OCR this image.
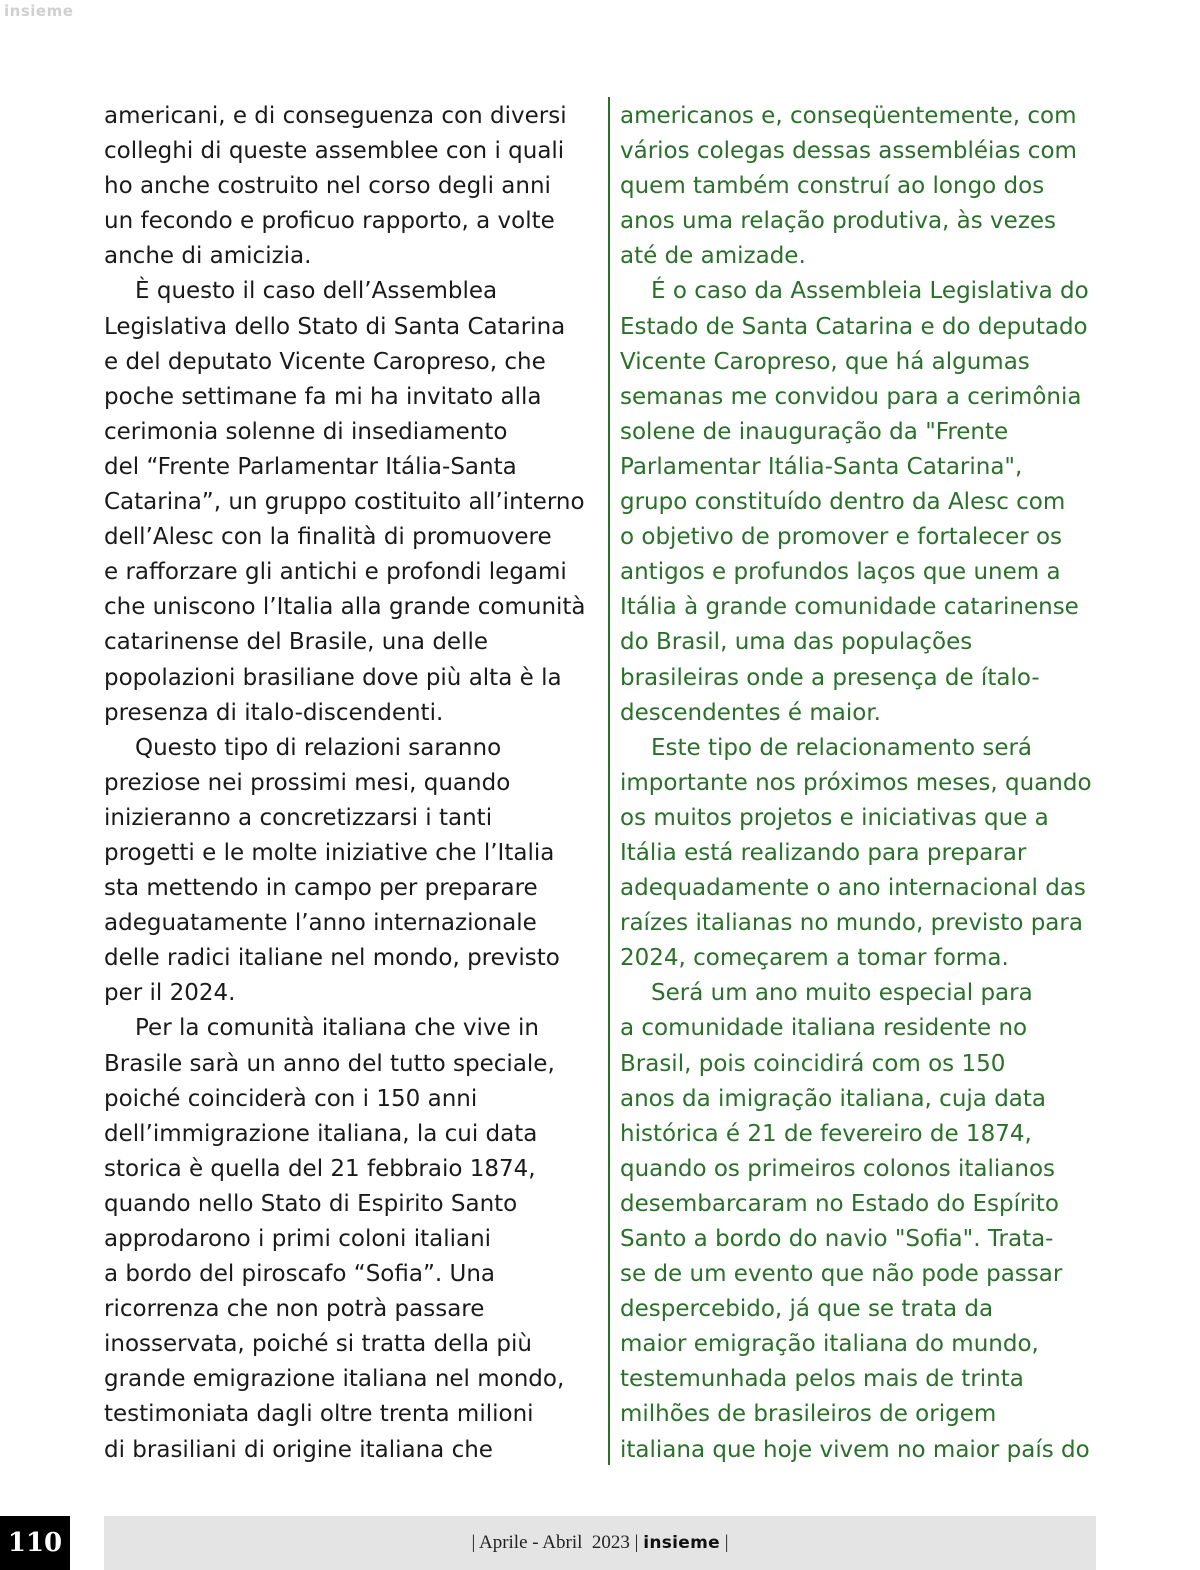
insieme
americani, e di conseguenza con diversi
colleghi di queste assemblee con i quali
ho anche costruito nel corso degli anni
un fecondo e proficuo rapporto, a volte
anche di amicizia.
È questo il caso dell’Assemblea
Legislativa dello Stato di Santa Catarina
e del deputato Vicente Caropreso, che
poche settimane fa mi ha invitato alla
cerimonia solenne di insediamento
del “Frente Parlamentar Itália-Santa
Catarina”, un gruppo costituito all’interno
dell’Alesc con la finalità di promuovere
e rafforzare gli antichi e profondi legami
che uniscono l’Italia alla grande comunità
catarinense del Brasile, una delle
popolazioni brasiliane dove più alta è la
presenza di italo-discendenti.
Questo tipo di relazioni saranno
preziose nei prossimi mesi, quando
inizieranno a concretizzarsi i tanti
progetti e le molte iniziative che l’Italia
sta mettendo in campo per preparare
adeguatamente l’anno internazionale
delle radici italiane nel mondo, previsto
per il 2024.
Per la comunità italiana che vive in
Brasile sarà un anno del tutto speciale,
poiché coinciderà con i 150 anni
dell’immigrazione italiana, la cui data
storica è quella del 21 febbraio 1874,
quando nello Stato di Espirito Santo
approdarono i primi coloni italiani
a bordo del piroscafo “Sofia”. Una
ricorrenza che non potrà passare
inosservata, poiché si tratta della più
grande emigrazione italiana nel mondo,
testimoniata dagli oltre trenta milioni
di brasiliani di origine italiana che
americanos e, conseqüentemente, com
vários colegas dessas assembléias com
quem também construí ao longo dos
anos uma relação produtiva, às vezes
até de amizade.
É o caso da Assembleia Legislativa do
Estado de Santa Catarina e do deputado
Vicente Caropreso, que há algumas
semanas me convidou para a cerimônia
solene de inauguração da "Frente
Parlamentar Itália-Santa Catarina",
grupo constituído dentro da Alesc com
o objetivo de promover e fortalecer os
antigos e profundos laços que unem a
Itália à grande comunidade catarinense
do Brasil, uma das populações
brasileiras onde a presença de ítalo-
descendentes é maior.
Este tipo de relacionamento será
importante nos próximos meses, quando
os muitos projetos e iniciativas que a
Itália está realizando para preparar
adequadamente o ano internacional das
raízes italianas no mundo, previsto para
2024, começarem a tomar forma.
Será um ano muito especial para
a comunidade italiana residente no
Brasil, pois coincidirá com os 150
anos da imigração italiana, cuja data
histórica é 21 de fevereiro de 1874,
quando os primeiros colonos italianos
desembarcaram no Estado do Espírito
Santo a bordo do navio "Sofia". Trata-
se de um evento que não pode passar
despercebido, já que se trata da
maior emigração italiana do mundo,
testemunhada pelos mais de trinta
milhões de brasileiros de origem
italiana que hoje vivem no maior país do
110	| Aprile - Abril  2023 | insieme |
